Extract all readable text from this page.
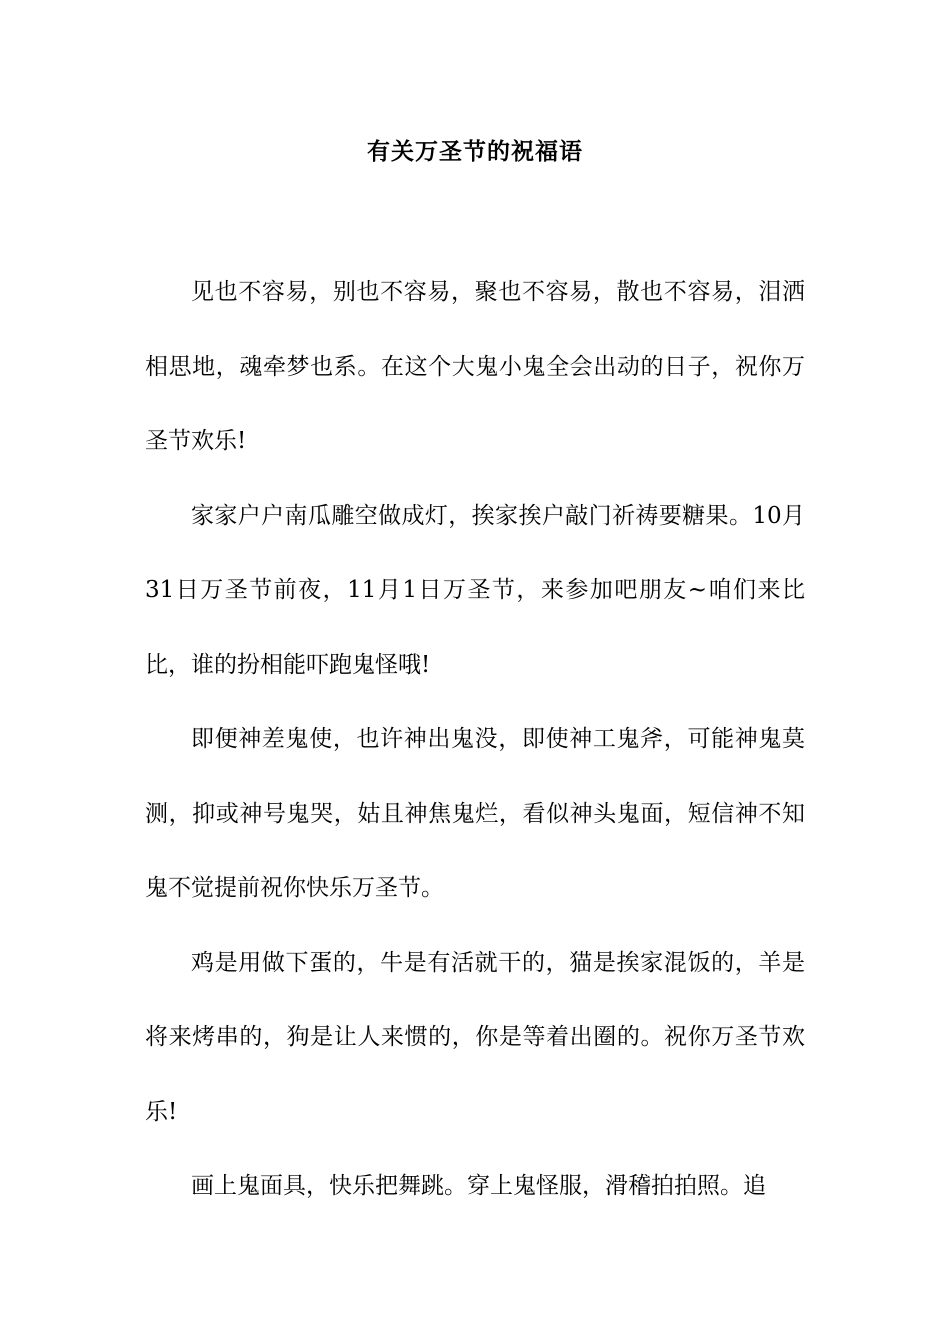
有关万圣节的祝福语

见也不容易，别也不容易，聚也不容易，散也不容易，泪洒相思地，魂牵梦也系。在这个大鬼小鬼全会出动的日子，祝你万圣节欢乐!

家家户户南瓜雕空做成灯，挨家挨户敲门祈祷要糖果。10月31日万圣节前夜，11月1日万圣节，来参加吧朋友~咱们来比比，谁的扮相能吓跑鬼怪哦!

即便神差鬼使，也许神出鬼没，即使神工鬼斧，可能神鬼莫测，抑或神号鬼哭，姑且神焦鬼烂，看似神头鬼面，短信神不知鬼不觉提前祝你快乐万圣节。

鸡是用做下蛋的，牛是有活就干的，猫是挨家混饭的，羊是将来烤串的，狗是让人来惯的，你是等着出圈的。祝你万圣节欢乐!

画上鬼面具，快乐把舞跳。穿上鬼怪服，滑稽拍拍照。追
